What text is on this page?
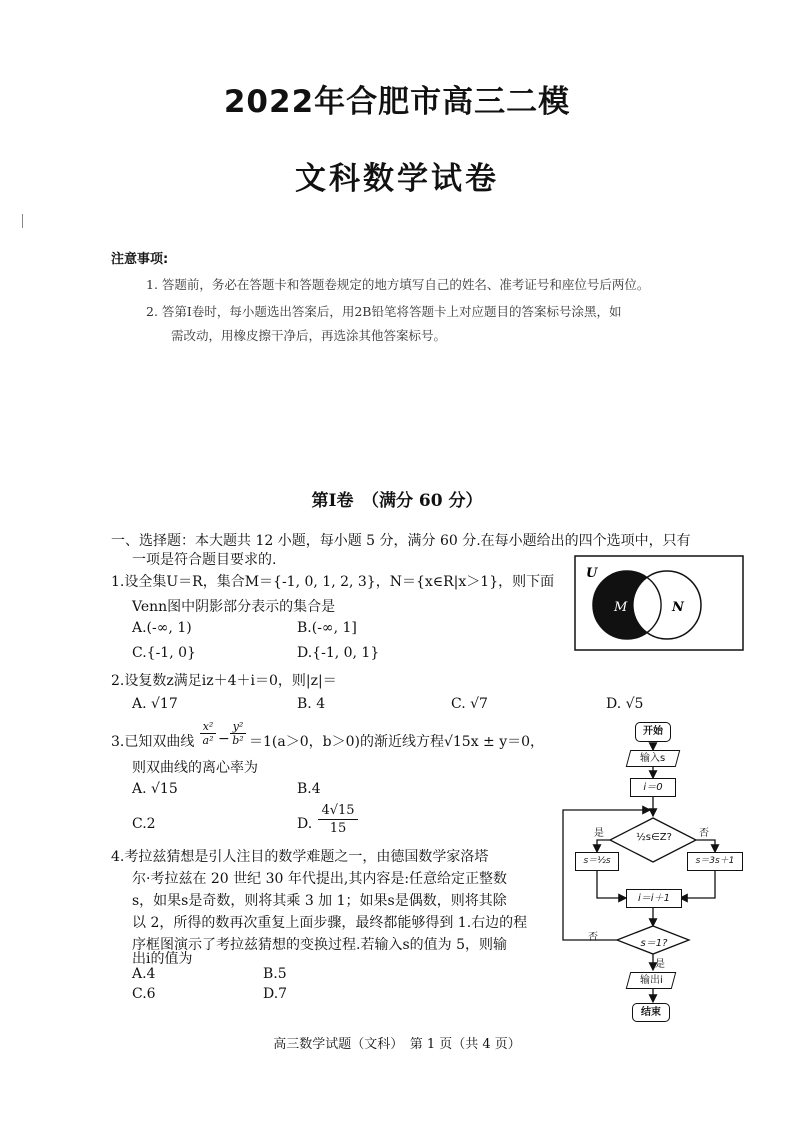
2022年合肥市高三二模
文科数学试卷
注意事项:
1. 答题前，务必在答题卡和答题卷规定的地方填写自己的姓名、准考证号和座位号后两位。
2. 答第Ⅰ卷时，每小题选出答案后，用2B铅笔将答题卡上对应题目的答案标号涂黑，如
需改动，用橡皮擦干净后，再选涂其他答案标号。
第Ⅰ卷　（满分 60 分）
一、选择题：本大题共 12 小题，每小题 5 分，满分 60 分.在每小题给出的四个选项中，只有
一项是符合题目要求的.
1.设全集U＝R，集合M＝{-1, 0, 1, 2, 3}，N＝{x∈R|x＞1}，则下面
Venn图中阴影部分表示的集合是
A.(-∞, 1)	B.(-∞, 1]
C.{-1, 0}	D.{-1, 0, 1}
U
M	N
2.设复数z满足iz＋4＋i＝0，则|z|＝
A. √17	B. 4	C. √7	D. √5
3.已知双曲线 $\frac{\text{x²}}{\text{a²}} - \frac{\text{y²}}{\text{b²}} =1(a>0$，b＞0)的渐近线方程√15x ± y＝0，
则双曲线的离心率为
A. √15	B.4
C.2	D. $\frac{4√15}{15}$
4.考拉兹猜想是引人注目的数学难题之一，由德国数学家洛塔
尔·考拉兹在 20 世纪 30 年代提出,其内容是:任意给定正整数
s，如果s是奇数，则将其乘 3 加 1；如果s是偶数，则将其除
以 2，所得的数再次重复上面步骤，最终都能够得到 1.右边的程
序框图演示了考拉兹猜想的变换过程.若输入s的值为 5，则输
出i的值为
A.4	B.5
C.6	D.7
开始
输入s
i＝0
½s∈Z?
是	否
s＝½s	s＝3s＋1
i＝i＋1
s＝1?
否
是
输出i
结束
高三数学试题（文科）　第 1 页（共 4 页）
